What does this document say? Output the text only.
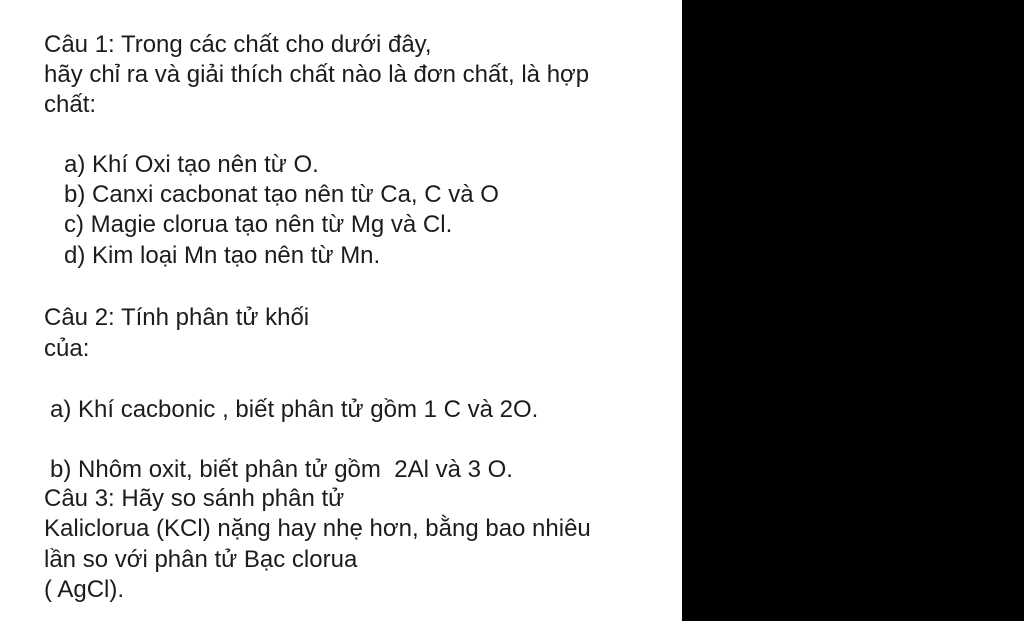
Câu 1: Trong các chất cho dưới đây,

hãy chỉ ra và giải thích chất nào là đơn chất, là hợp

chất:

a) Khí Oxi tạo nên từ O.

b) Canxi cacbonat tạo nên từ Ca, C và O

c) Magie clorua tạo nên từ Mg và Cl.

d) Kim loại Mn tạo nên từ Mn.

Câu 2: Tính phân tử khối

của:

a) Khí cacbonic , biết phân tử gồm 1 C và 2O.

b) Nhôm oxit, biết phân tử gồm  2Al và 3 O.

Câu 3: Hãy so sánh phân tử

Kaliclorua (KCl) nặng hay nhẹ hơn, bằng bao nhiêu

lần so với phân tử Bạc clorua

( AgCl).
